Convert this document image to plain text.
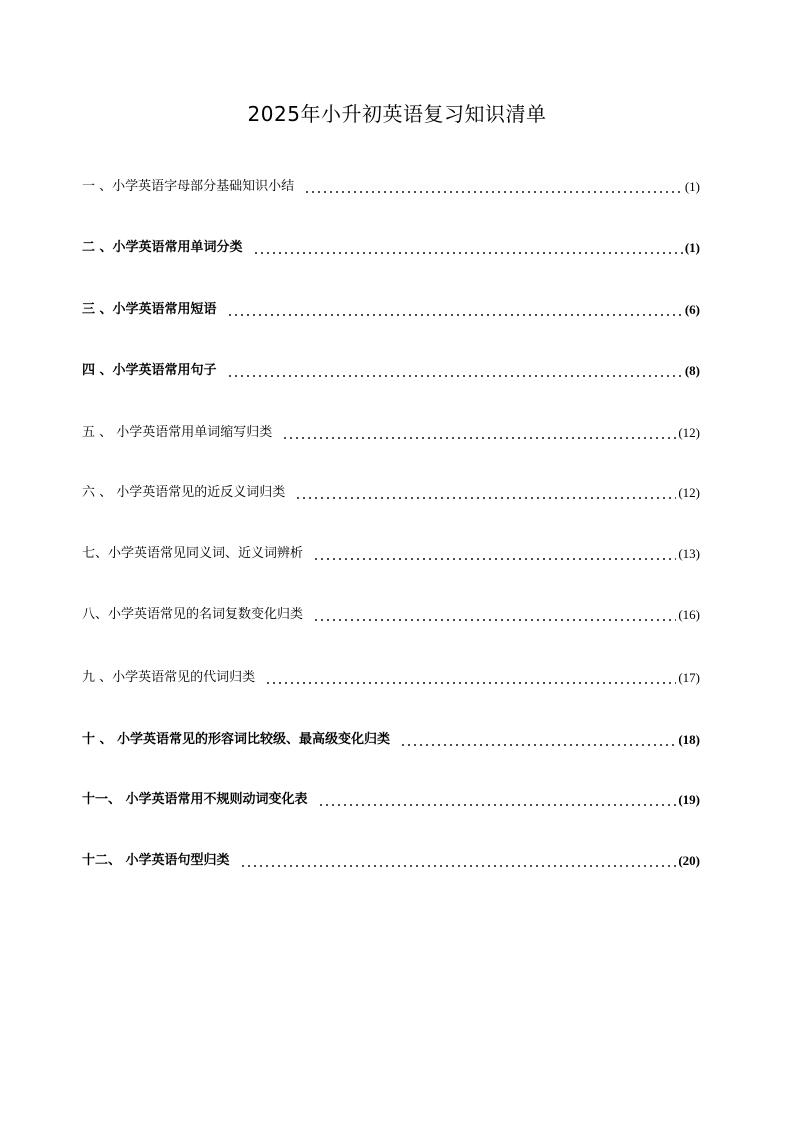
2025年小升初英语复习知识清单
一 、小学英语字母部分基础知识小结	(1)
二 、小学英语常用单词分类	(1)
三 、小学英语常用短语	(6)
四 、小学英语常用句子	(8)
五 、 小学英语常用单词缩写归类	(12)
六 、 小学英语常见的近反义词归类	(12)
七、小学英语常见同义词、近义词辨析	(13)
八、小学英语常见的名词复数变化归类	(16)
九 、小学英语常见的代词归类	(17)
十 、 小学英语常见的形容词比较级、最高级变化归类	(18)
十一、 小学英语常用不规则动词变化表	(19)
十二、 小学英语句型归类	(20)
